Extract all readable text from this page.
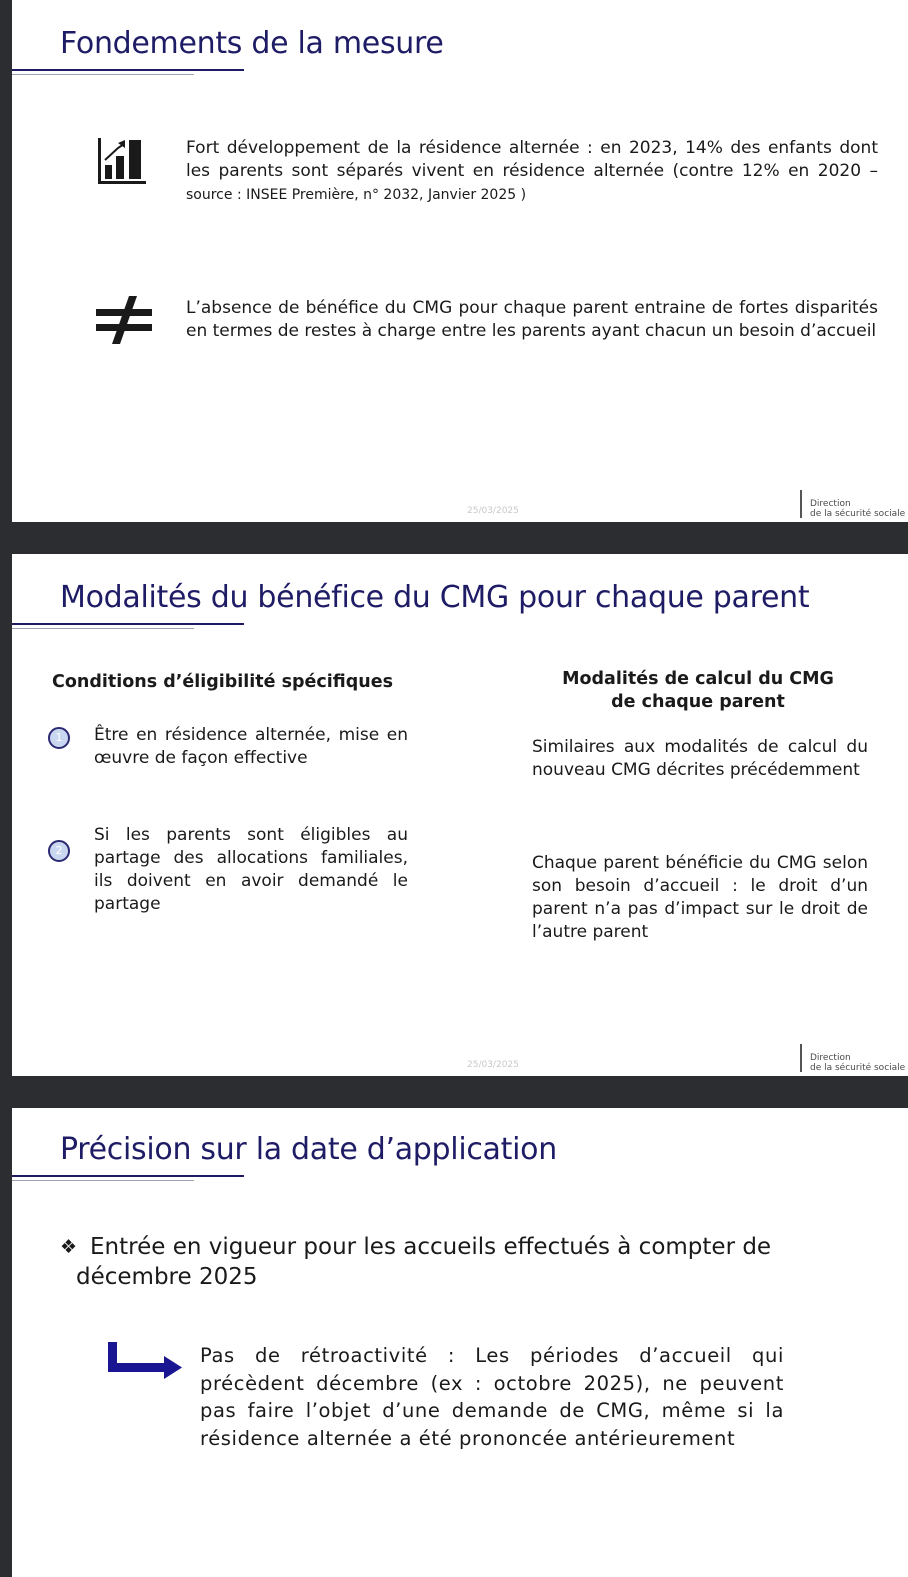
Fondements de la mesure
Fort développement de la résidence alternée : en 2023, 14% des enfants dont les parents sont séparés vivent en résidence alternée (contre 12% en 2020 – source : INSEE Première, n° 2032, Janvier 2025 )
L’absence de bénéfice du CMG pour chaque parent entraine de fortes disparités en termes de restes à charge entre les parents ayant chacun un besoin d’accueil
25/03/2025
Direction
de la sécurité sociale
Modalités du bénéfice du CMG pour chaque parent
Conditions d’éligibilité spécifiques	Modalités de calcul du CMG de chaque parent
1	Être en résidence alternée, mise en œuvre de façon effective
2
Si les parents sont éligibles au partage des allocations familiales, ils doivent en avoir demandé le partage
Similaires aux modalités de calcul du nouveau CMG décrites précédemment
Chaque parent bénéficie du CMG selon son besoin d’accueil : le droit d’un parent n’a pas d’impact sur le droit de l’autre parent
25/03/2025
Direction
de la sécurité sociale
Précision sur la date d’application
❖ Entrée en vigueur pour les accueils effectués à compter de décembre 2025
Pas de rétroactivité : Les périodes d’accueil qui précèdent décembre (ex : octobre 2025), ne peuvent pas faire l’objet d’une demande de CMG, même si la résidence alternée a été prononcée antérieurement
